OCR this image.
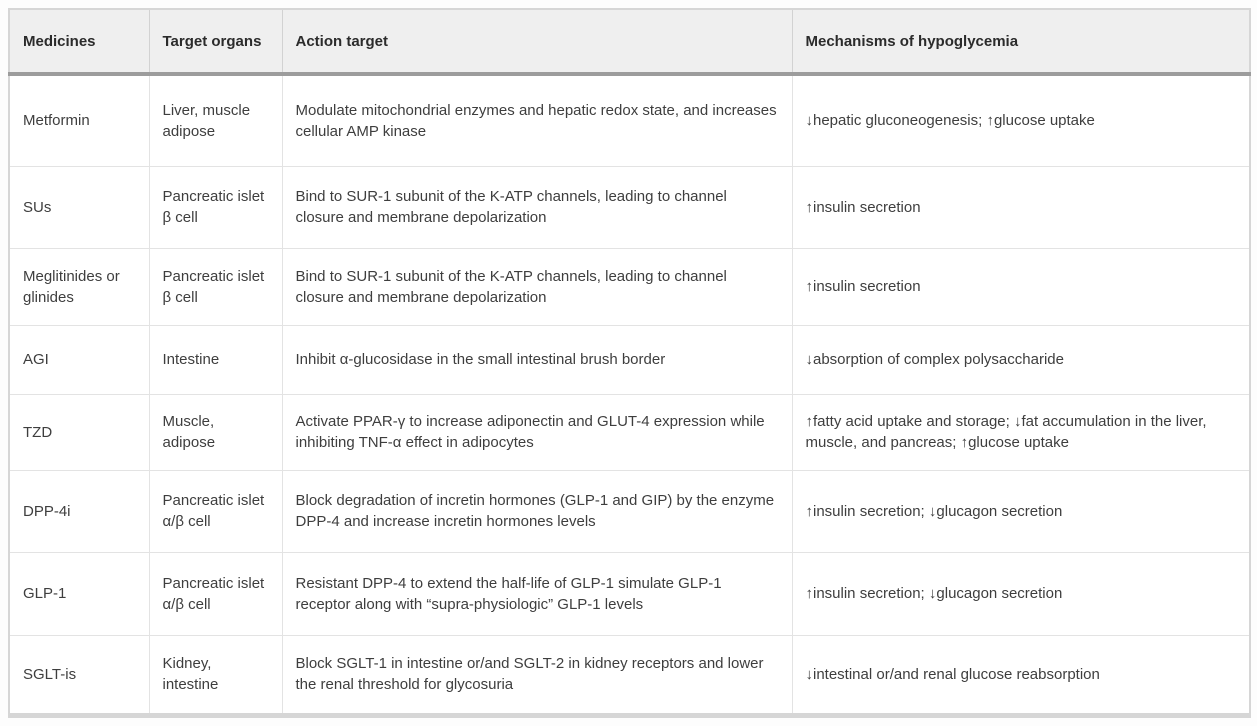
Medicines	Target organs	Action target	Mechanisms of hypoglycemia
Metformin	Liver, muscle adipose	Modulate mitochondrial enzymes and hepatic redox state, and increases cellular AMP kinase	↓hepatic gluconeogenesis; ↑glucose uptake
SUs	Pancreatic islet β cell	Bind to SUR-1 subunit of the K-ATP channels, leading to channel closure and membrane depolarization	↑insulin secretion
Meglitinides or glinides	Pancreatic islet β cell	Bind to SUR-1 subunit of the K-ATP channels, leading to channel closure and membrane depolarization	↑insulin secretion
AGI	Intestine	Inhibit α-glucosidase in the small intestinal brush border	↓absorption of complex polysaccharide
TZD	Muscle, adipose	Activate PPAR-γ to increase adiponectin and GLUT-4 expression while inhibiting TNF-α effect in adipocytes	↑fatty acid uptake and storage; ↓fat accumulation in the liver, muscle, and pancreas; ↑glucose uptake
DPP-4i	Pancreatic islet α/β cell	Block degradation of incretin hormones (GLP-1 and GIP) by the enzyme DPP-4 and increase incretin hormones levels	↑insulin secretion; ↓glucagon secretion
GLP-1	Pancreatic islet α/β cell	Resistant DPP-4 to extend the half-life of GLP-1 simulate GLP-1 receptor along with “supra-physiologic” GLP-1 levels	↑insulin secretion; ↓glucagon secretion
SGLT-is	Kidney, intestine	Block SGLT-1 in intestine or/and SGLT-2 in kidney receptors and lower the renal threshold for glycosuria	↓intestinal or/and renal glucose reabsorption
